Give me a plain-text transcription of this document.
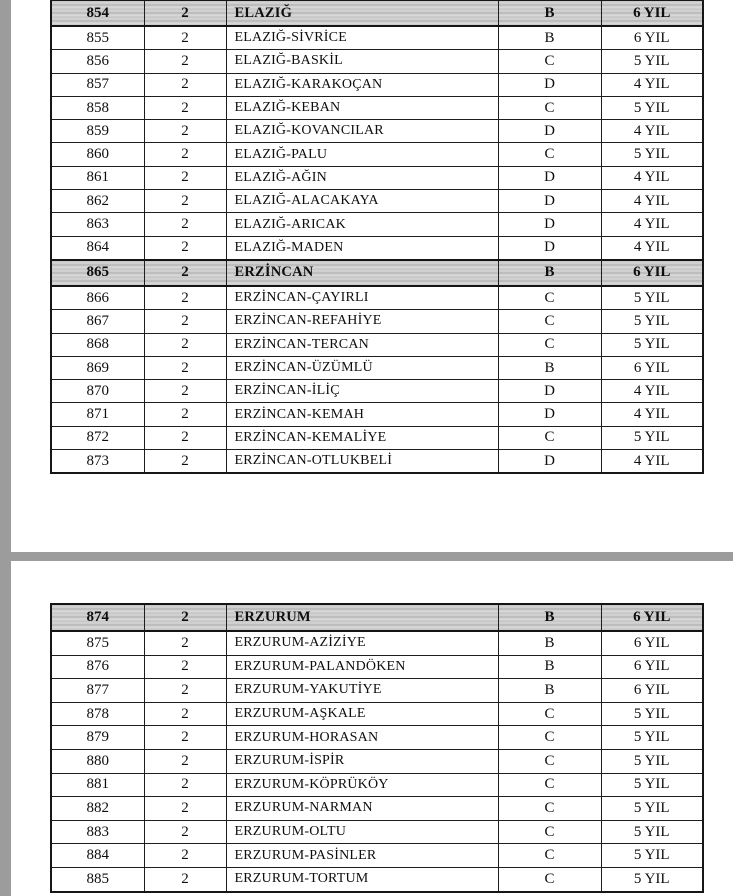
854	2	ELAZIĞ	B	6 YIL
855	2	ELAZIĞ-SİVRİCE	B	6 YIL
856	2	ELAZIĞ-BASKİL	C	5 YIL
857	2	ELAZIĞ-KARAKOÇAN	D	4 YIL
858	2	ELAZIĞ-KEBAN	C	5 YIL
859	2	ELAZIĞ-KOVANCILAR	D	4 YIL
860	2	ELAZIĞ-PALU	C	5 YIL
861	2	ELAZIĞ-AĞIN	D	4 YIL
862	2	ELAZIĞ-ALACAKAYA	D	4 YIL
863	2	ELAZIĞ-ARICAK	D	4 YIL
864	2	ELAZIĞ-MADEN	D	4 YIL
865	2	ERZİNCAN	B	6 YIL
866	2	ERZİNCAN-ÇAYIRLI	C	5 YIL
867	2	ERZİNCAN-REFAHİYE	C	5 YIL
868	2	ERZİNCAN-TERCAN	C	5 YIL
869	2	ERZİNCAN-ÜZÜMLÜ	B	6 YIL
870	2	ERZİNCAN-İLİÇ	D	4 YIL
871	2	ERZİNCAN-KEMAH	D	4 YIL
872	2	ERZİNCAN-KEMALİYE	C	5 YIL
873	2	ERZİNCAN-OTLUKBELİ	D	4 YIL
874	2	ERZURUM	B	6 YIL
875	2	ERZURUM-AZİZİYE	B	6 YIL
876	2	ERZURUM-PALANDÖKEN	B	6 YIL
877	2	ERZURUM-YAKUTİYE	B	6 YIL
878	2	ERZURUM-AŞKALE	C	5 YIL
879	2	ERZURUM-HORASAN	C	5 YIL
880	2	ERZURUM-İSPİR	C	5 YIL
881	2	ERZURUM-KÖPRÜKÖY	C	5 YIL
882	2	ERZURUM-NARMAN	C	5 YIL
883	2	ERZURUM-OLTU	C	5 YIL
884	2	ERZURUM-PASİNLER	C	5 YIL
885	2	ERZURUM-TORTUM	C	5 YIL
